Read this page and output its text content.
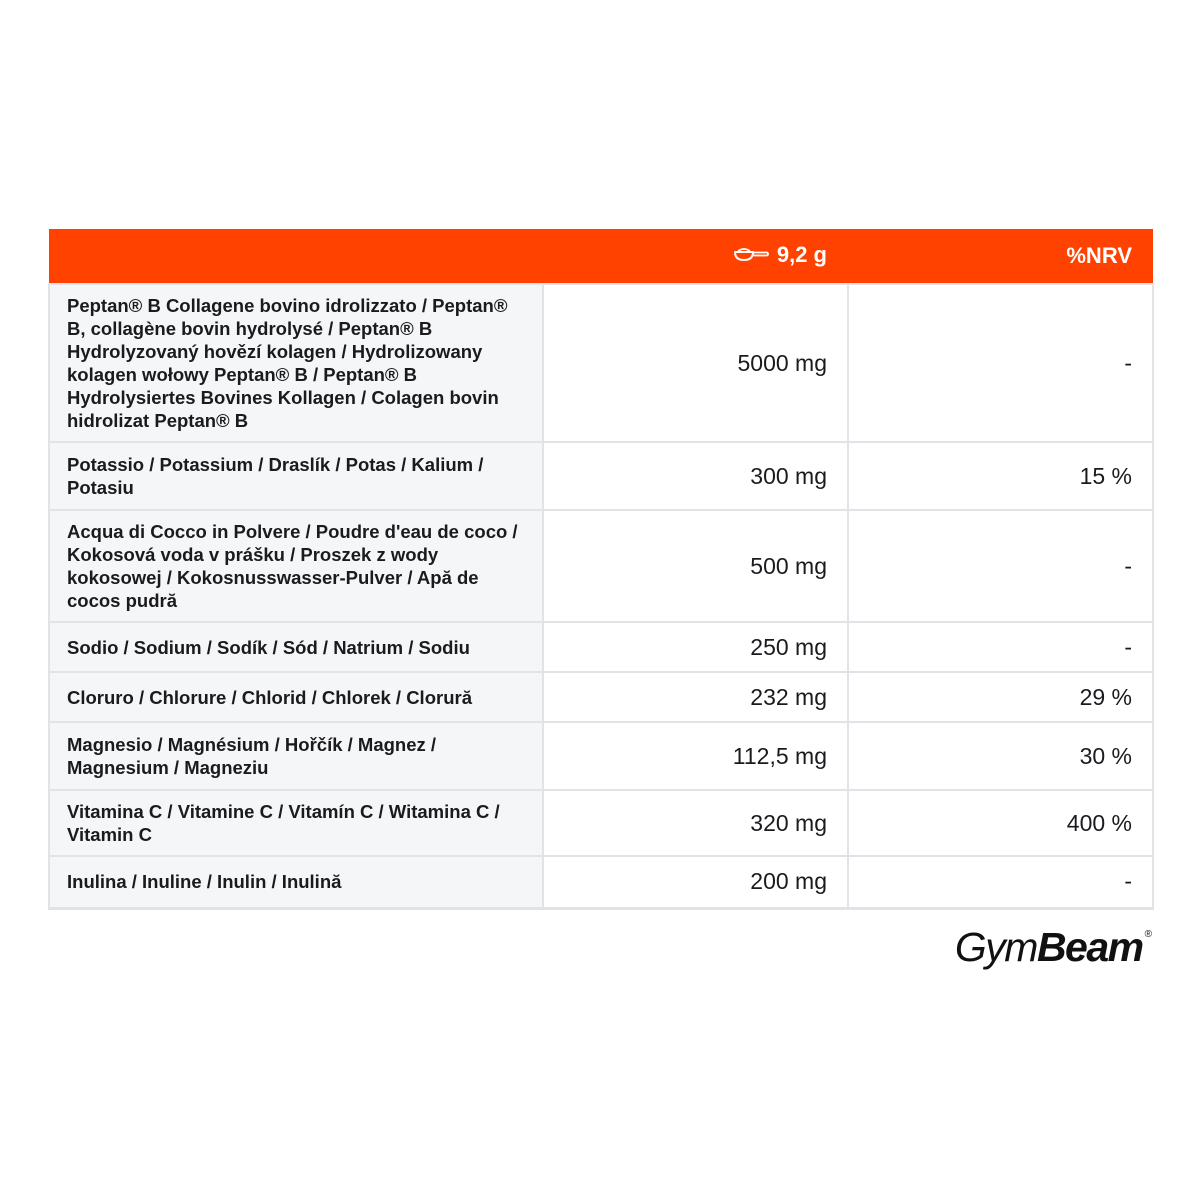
	9,2 g	%NRV
Peptan® B Collagene bovino idrolizzato / Peptan® B, collagène bovin hydrolysé / Peptan® B Hydrolyzovaný hovězí kolagen / Hydrolizowany kolagen wołowy Peptan® B / Peptan® B Hydrolysiertes Bovines Kollagen / Colagen bovin hidrolizat Peptan® B	5000 mg	-
Potassio / Potassium / Draslík / Potas / Kalium / Potasiu	300 mg	15 %
Acqua di Cocco in Polvere / Poudre d'eau de coco / Kokosová voda v prášku / Proszek z wody kokosowej / Kokosnusswasser-Pulver / Apă de cocos pudră	500 mg	-
Sodio / Sodium / Sodík / Sód / Natrium / Sodiu	250 mg	-
Cloruro / Chlorure / Chlorid / Chlorek / Clorură	232 mg	29 %
Magnesio / Magnésium / Hořčík / Magnez / Magnesium / Magneziu	112,5 mg	30 %
Vitamina C / Vitamine C / Vitamín C / Witamina C / Vitamin C	320 mg	400 %
Inulina / Inuline / Inulin / Inulină	200 mg	-
GymBeam ®
